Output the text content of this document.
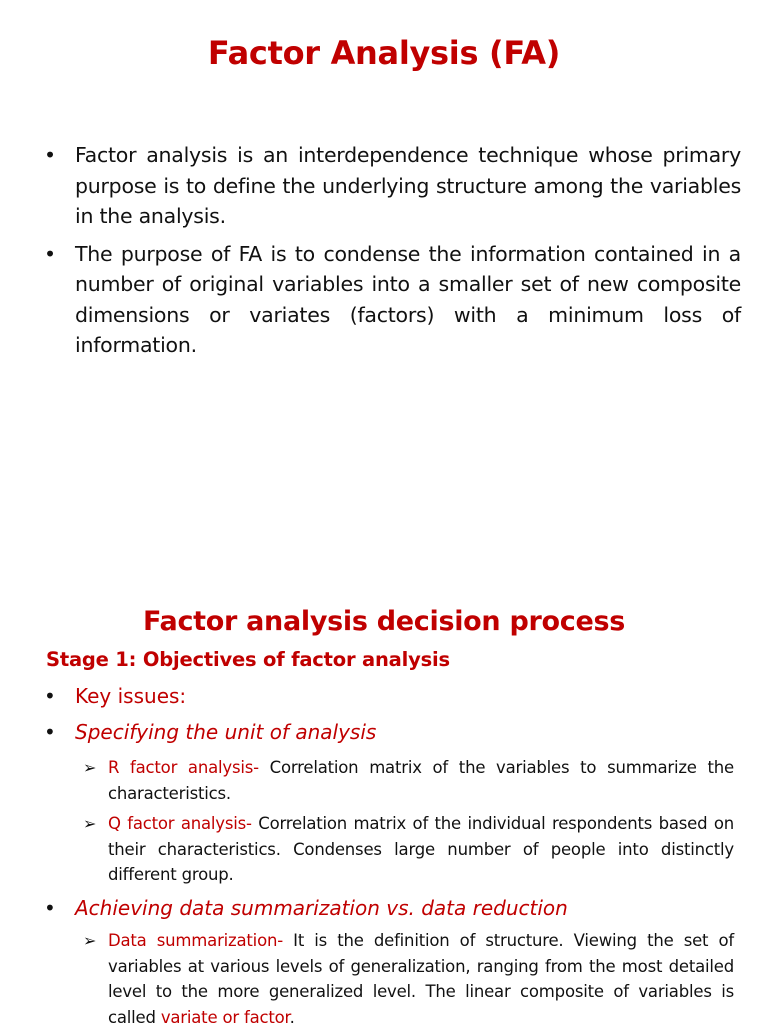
Factor Analysis (FA)
• Factor analysis is an interdependence technique whose primary purpose is to define the underlying structure among the variables in the analysis.
• The purpose of FA is to condense the information contained in a number of original variables into a smaller set of new composite dimensions or variates (factors) with a minimum loss of information.
Factor analysis decision process
Stage 1: Objectives of factor analysis
• Key issues:
• Specifying the unit of analysis
➢ R factor analysis- Correlation matrix of the variables to summarize the characteristics.
➢ Q factor analysis- Correlation matrix of the individual respondents based on their characteristics. Condenses large number of people into distinctly different group.
• Achieving data summarization vs. data reduction
➢ Data summarization- It is the definition of structure. Viewing the set of variables at various levels of generalization, ranging from the most detailed level to the more generalized level. The linear composite of variables is called variate or factor.
